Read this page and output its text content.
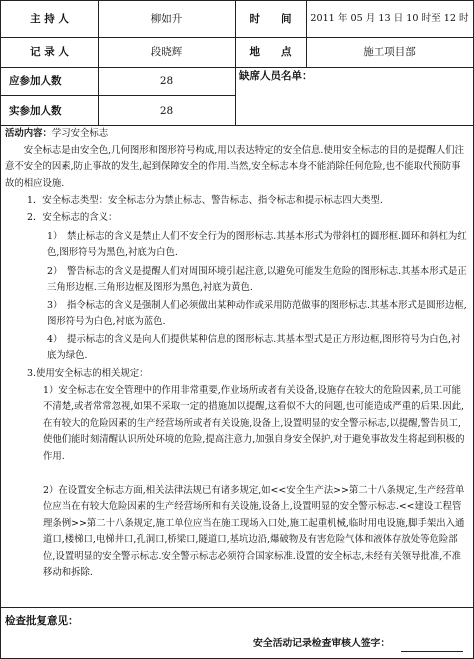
主 持 人	柳如升	时　　间	2011 年 05 月 13 日 10 时至 12 时
记 录 人	段晓辉	地　　点	施工项目部
应参加人数	28	缺席人员名单：
实参加人数	28
活动内容：学习安全标志
安全标志是由安全色,几何图形和图形符号构成,用以表达特定的安全信息.使用安全标志的目的是提醒人们注意不安全的因素,防止事故的发生,起到保障安全的作用.当然,安全标志本身不能消除任何危险,也不能取代预防事故的相应设施.
1．安全标志类型：安全标志分为禁止标志、警告标志、指令标志和提示标志四大类型.
2．安全标志的含义：
1）　禁止标志的含义是禁止人们不安全行为的图形标志.其基本形式为带斜杠的圆形框.圆环和斜杠为红色,图形符号为黑色,衬底为白色.
2）　警告标志的含义是提醒人们对周围环境引起注意,以避免可能发生危险的图形标志.其基本形式是正三角形边框.三角形边框及图形为黑色,衬底为黄色.
3）　指令标志的含义是强制人们必须做出某种动作或采用防范做事的图形标志.其基本形式是圆形边框,图形符号为白色,衬底为蓝色.
4）　提示标志的含义是向人们提供某种信息的图形标志.其基本型式是正方形边框,图形符号为白色,衬底为绿色.
3.使用安全标志的相关规定：
1）安全标志在安全管理中的作用非常重要,作业场所或者有关设备,设施存在较大的危险因素,员工可能不清楚,或者常常忽视,如果不采取一定的措施加以提醒,这看似不大的问题,也可能造成严重的后果.因此,在有较大的危险因素的生产经营场所或者有关设施,设备上,设置明显的安全警示标志,以提醒,警告员工,使他们能时刻清醒认识所处环境的危险,提高注意力,加强自身安全保护,对于避免事故发生将起到积极的作用.
2）在设置安全标志方面,相关法律法规已有诸多规定,如<<安全生产法>>第二十八条规定,生产经营单位应当在有较大危险因素的生产经营场所和有关设施,设备上,设置明显的安全警示标志.<<建设工程管理条例>>第二十八条规定,施工单位应当在施工现场入口处,施工起重机械,临时用电设施,脚手架出入通道口,楼梯口,电梯井口,孔洞口,桥梁口,隧道口,基坑边沿,爆破物及有害危险气体和液体存放处等危险部位,设置明显的安全警示标志.安全警示标志必须符合国家标准.设置的安全标志,未经有关领导批准,不准移动和拆除.
检查批复意见：
安全活动记录检查审核人签字：
